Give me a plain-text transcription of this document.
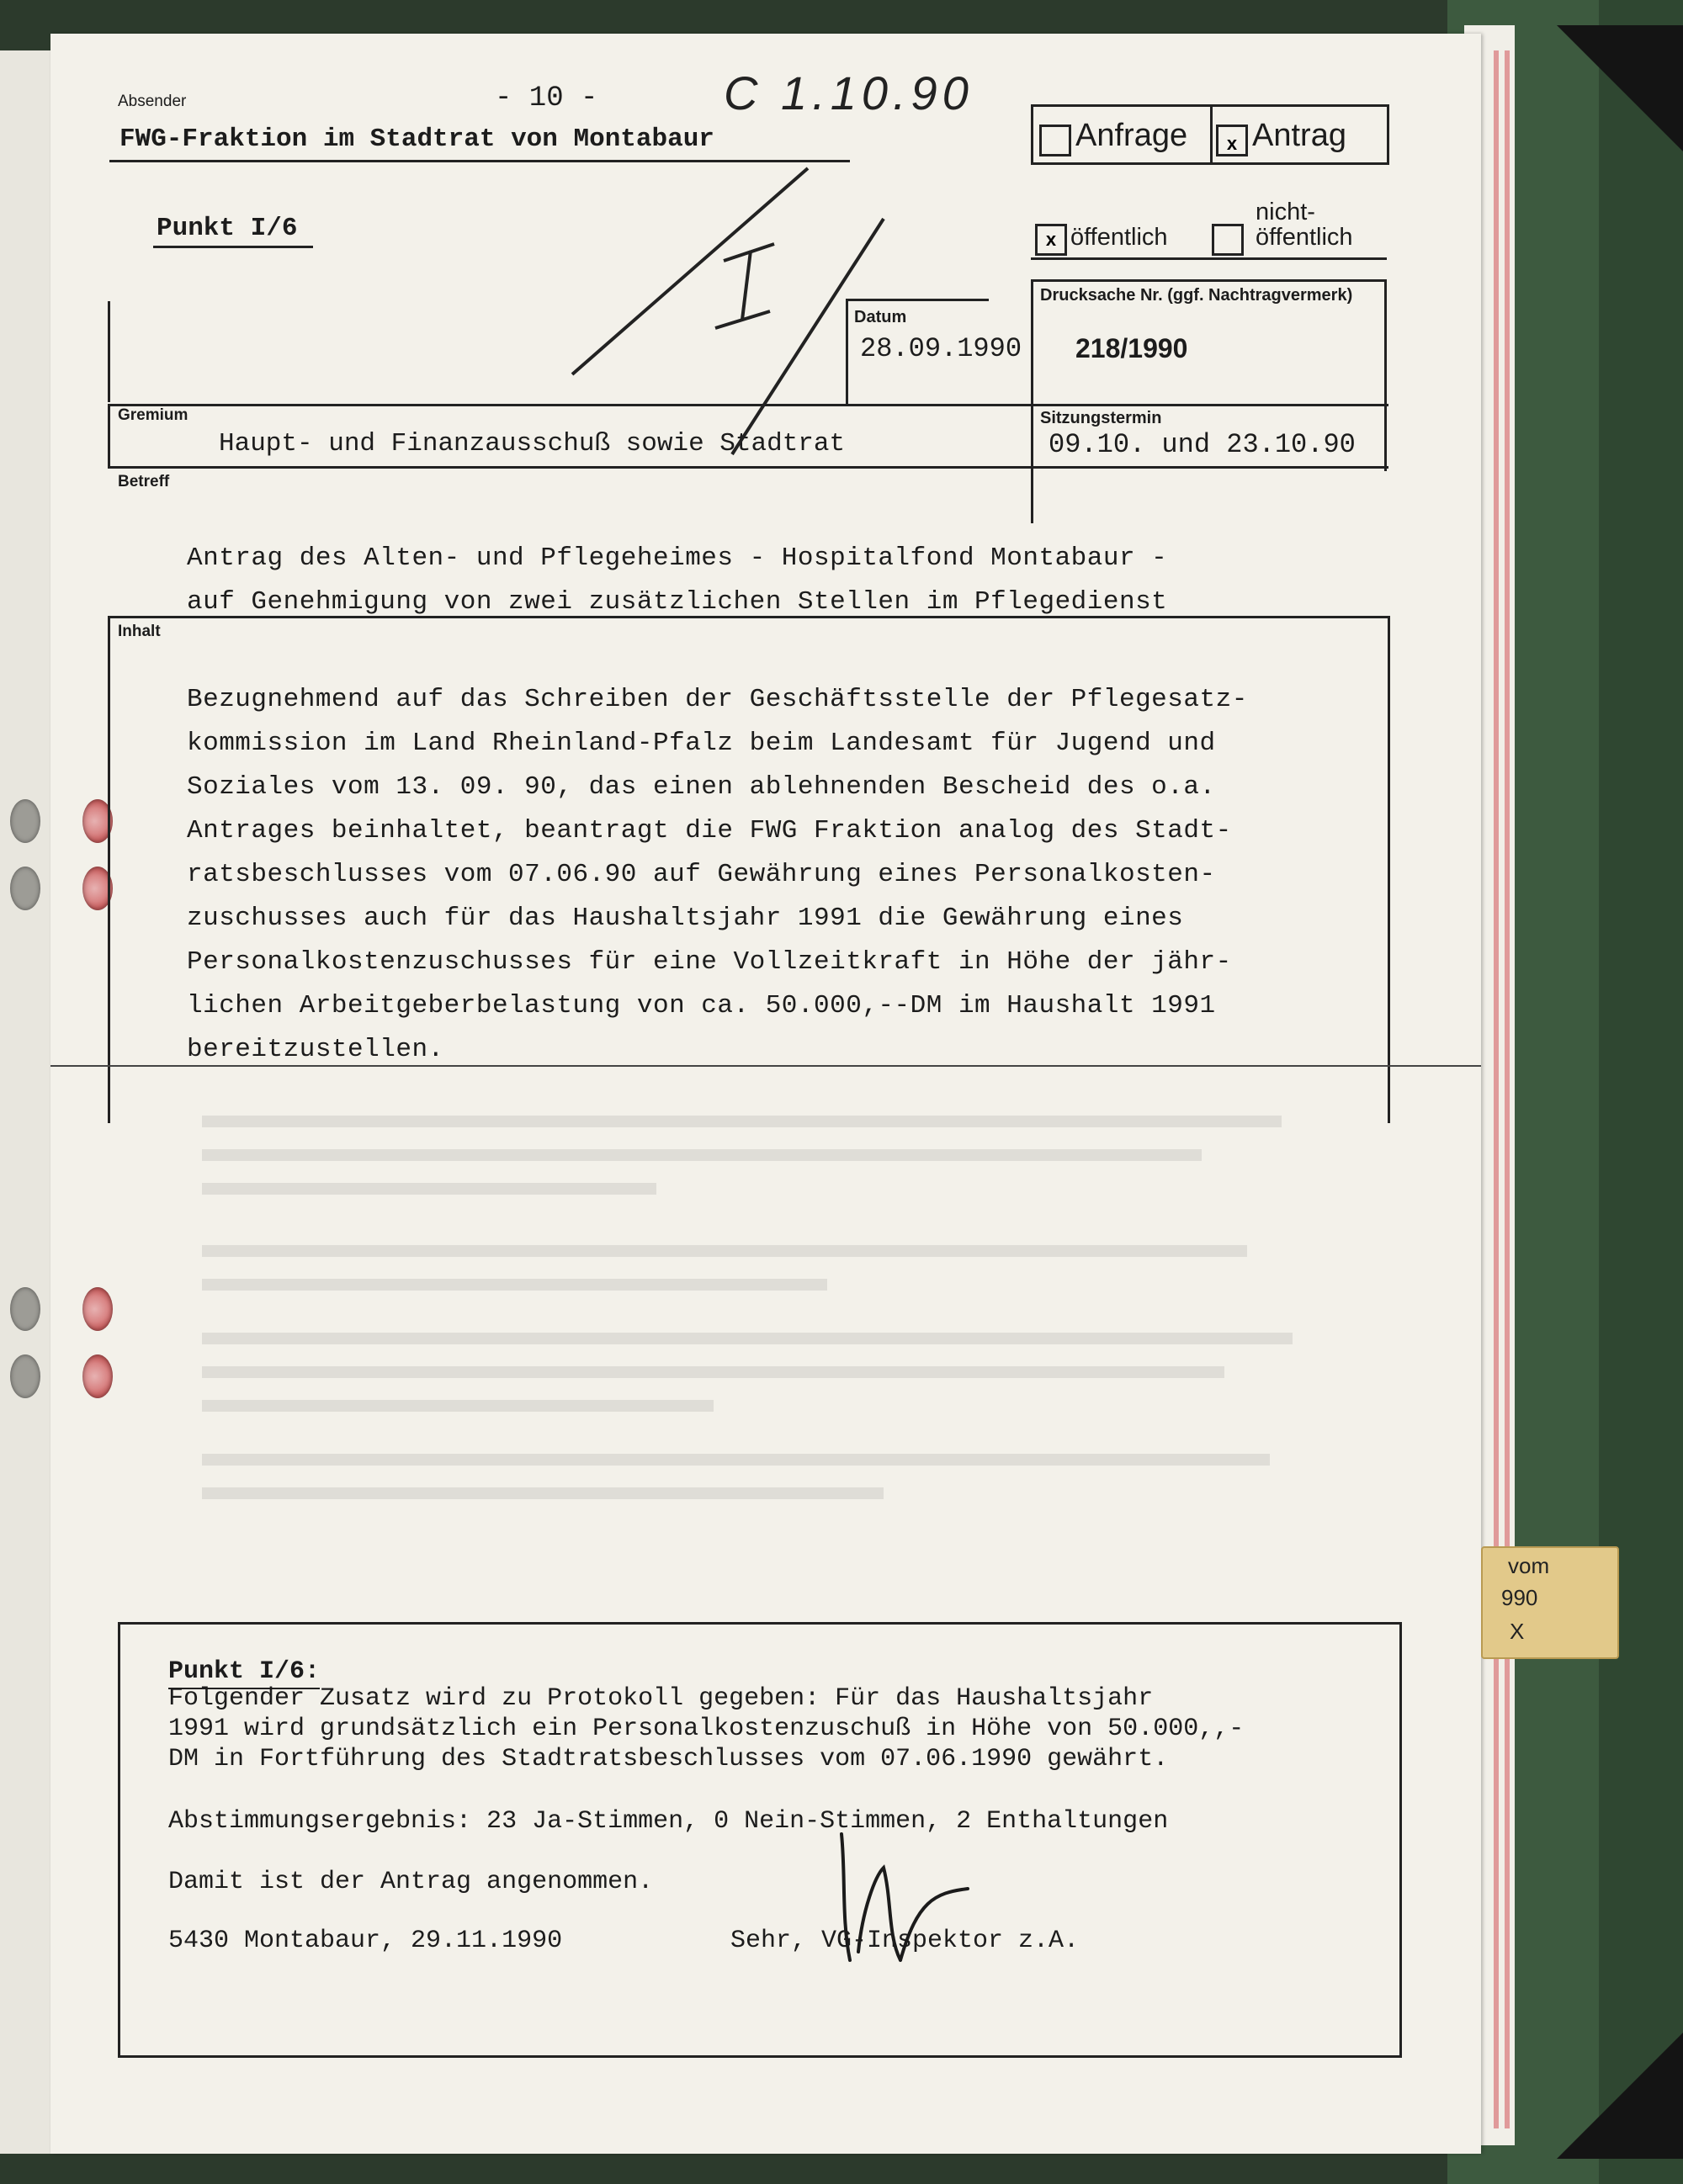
Absender	- 10 -	C 1.10.90
FWG-Fraktion im Stadtrat von Montabaur	Anfrage	x Antrag
Punkt I/6	x öffentlich
nicht-
öffentlich
Datum
28.09.1990
Drucksache Nr. (ggf. Nachtragvermerk)
218/1990
Gremium
Haupt- und Finanzausschuß sowie Stadtrat
Sitzungstermin
09.10. und 23.10.90
Betreff
Antrag des Alten- und Pflegeheimes - Hospitalfond Montabaur -
auf Genehmigung von zwei zusätzlichen Stellen im Pflegedienst
Inhalt
Bezugnehmend auf das Schreiben der Geschäftsstelle der Pflegesatz-
kommission im Land Rheinland-Pfalz beim Landesamt für Jugend und
Soziales vom 13. 09. 90, das einen ablehnenden Bescheid des o.a.
Antrages beinhaltet, beantragt die FWG Fraktion analog des Stadt-
ratsbeschlusses vom 07.06.90 auf Gewährung eines Personalkosten-
zuschusses auch für das Haushaltsjahr 1991 die Gewährung eines
Personalkostenzuschusses für eine Vollzeitkraft in Höhe der jähr-
lichen Arbeitgeberbelastung von ca. 50.000,--DM im Haushalt 1991
bereitzustellen.
Punkt I/6:
Folgender Zusatz wird zu Protokoll gegeben: Für das Haushaltsjahr
1991 wird grundsätzlich ein Personalkostenzuschuß in Höhe von 50.000,,-
DM in Fortführung des Stadtratsbeschlusses vom 07.06.1990 gewährt.
Abstimmungsergebnis: 23 Ja-Stimmen, 0 Nein-Stimmen, 2 Enthaltungen
Damit ist der Antrag angenommen.
5430 Montabaur, 29.11.1990	Sehr, VG-Inspektor z.A.
vom
990
X
